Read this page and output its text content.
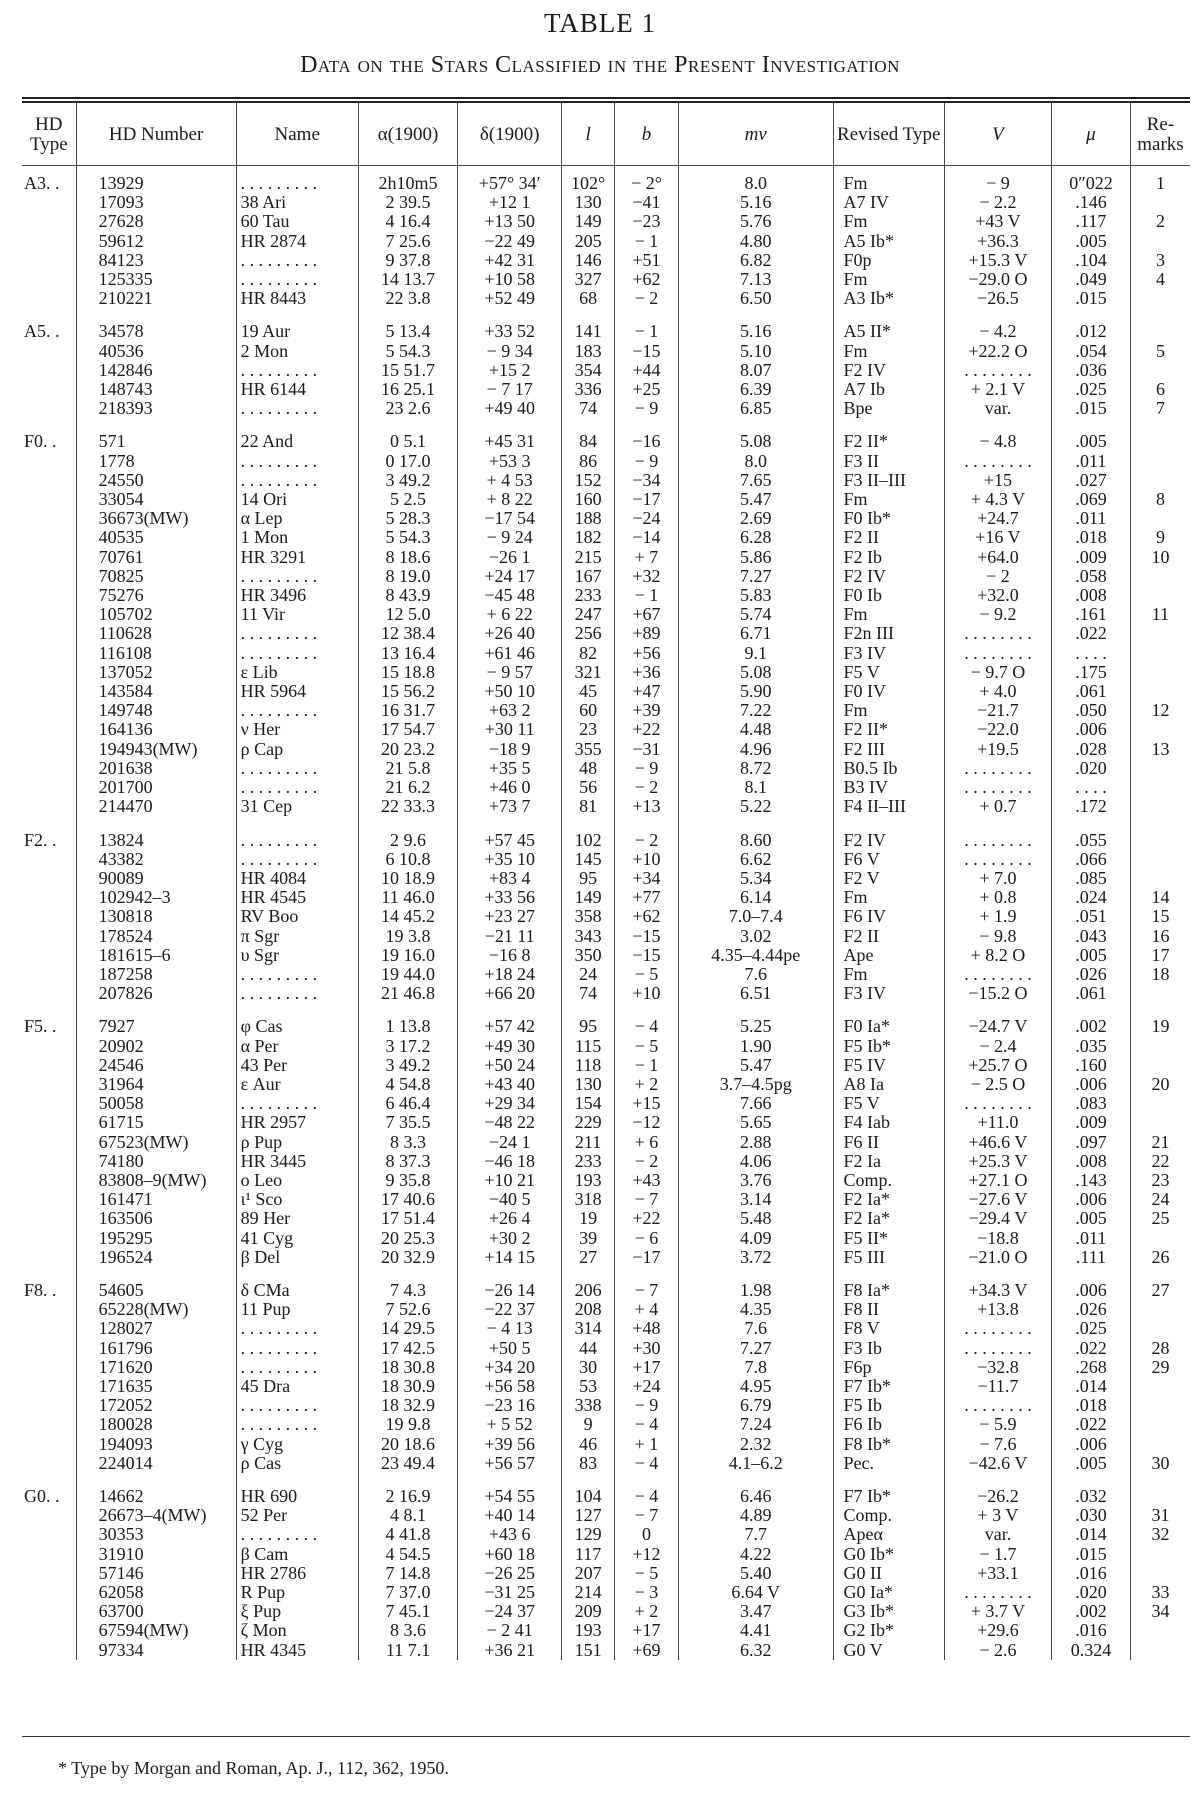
TABLE 1
Data on the Stars Classified in the Present Investigation
HD Type	HD Number	Name	α(1900)	δ(1900)	l	b	mv	Revised Type	V	μ	Re-marks
A3. .	13929	. . . . . . . . .	2h10m5	+57° 34′	102°	− 2°	8.0	Fm	− 9	0″022	1
	17093	38 Ari	2 39.5	+12 1	130	−41	5.16	A7 IV	− 2.2	.146	
	27628	60 Tau	4 16.4	+13 50	149	−23	5.76	Fm	+43 V	.117	2
	59612	HR 2874	7 25.6	−22 49	205	− 1	4.80	A5 Ib*	+36.3	.005	
	84123	. . . . . . . . .	9 37.8	+42 31	146	+51	6.82	F0p	+15.3 V	.104	3
	125335	. . . . . . . . .	14 13.7	+10 58	327	+62	7.13	Fm	−29.0 O	.049	4
	210221	HR 8443	22 3.8	+52 49	68	− 2	6.50	A3 Ib*	−26.5	.015	

A5. .	34578	19 Aur	5 13.4	+33 52	141	− 1	5.16	A5 II*	− 4.2	.012	
	40536	2 Mon	5 54.3	− 9 34	183	−15	5.10	Fm	+22.2 O	.054	5
	142846	. . . . . . . . .	15 51.7	+15 2	354	+44	8.07	F2 IV	. . . . . . . .	.036	
	148743	HR 6144	16 25.1	− 7 17	336	+25	6.39	A7 Ib	+ 2.1 V	.025	6
	218393	. . . . . . . . .	23 2.6	+49 40	74	− 9	6.85	Bpe	var.	.015	7

F0. .	571	22 And	0 5.1	+45 31	84	−16	5.08	F2 II*	− 4.8	.005	
	1778	. . . . . . . . .	0 17.0	+53 3	86	− 9	8.0	F3 II	. . . . . . . .	.011	
	24550	. . . . . . . . .	3 49.2	+ 4 53	152	−34	7.65	F3 II–III	+15	.027	
	33054	14 Ori	5 2.5	+ 8 22	160	−17	5.47	Fm	+ 4.3 V	.069	8
	36673(MW)	α Lep	5 28.3	−17 54	188	−24	2.69	F0 Ib*	+24.7	.011	
	40535	1 Mon	5 54.3	− 9 24	182	−14	6.28	F2 II	+16 V	.018	9
	70761	HR 3291	8 18.6	−26 1	215	+ 7	5.86	F2 Ib	+64.0	.009	10
	70825	. . . . . . . . .	8 19.0	+24 17	167	+32	7.27	F2 IV	− 2	.058	
	75276	HR 3496	8 43.9	−45 48	233	− 1	5.83	F0 Ib	+32.0	.008	
	105702	11 Vir	12 5.0	+ 6 22	247	+67	5.74	Fm	− 9.2	.161	11
	110628	. . . . . . . . .	12 38.4	+26 40	256	+89	6.71	F2n III	. . . . . . . .	.022	
	116108	. . . . . . . . .	13 16.4	+61 46	82	+56	9.1	F3 IV	. . . . . . . .	. . . .	
	137052	ε Lib	15 18.8	− 9 57	321	+36	5.08	F5 V	− 9.7 O	.175	
	143584	HR 5964	15 56.2	+50 10	45	+47	5.90	F0 IV	+ 4.0	.061	
	149748	. . . . . . . . .	16 31.7	+63 2	60	+39	7.22	Fm	−21.7	.050	12
	164136	ν Her	17 54.7	+30 11	23	+22	4.48	F2 II*	−22.0	.006	
	194943(MW)	ρ Cap	20 23.2	−18 9	355	−31	4.96	F2 III	+19.5	.028	13
	201638	. . . . . . . . .	21 5.8	+35 5	48	− 9	8.72	B0.5 Ib	. . . . . . . .	.020	
	201700	. . . . . . . . .	21 6.2	+46 0	56	− 2	8.1	B3 IV	. . . . . . . .	. . . .	
	214470	31 Cep	22 33.3	+73 7	81	+13	5.22	F4 II–III	+ 0.7	.172	

F2. .	13824	. . . . . . . . .	2 9.6	+57 45	102	− 2	8.60	F2 IV	. . . . . . . .	.055	
	43382	. . . . . . . . .	6 10.8	+35 10	145	+10	6.62	F6 V	. . . . . . . .	.066	
	90089	HR 4084	10 18.9	+83 4	95	+34	5.34	F2 V	+ 7.0	.085	
	102942–3	HR 4545	11 46.0	+33 56	149	+77	6.14	Fm	+ 0.8	.024	14
	130818	RV Boo	14 45.2	+23 27	358	+62	7.0–7.4	F6 IV	+ 1.9	.051	15
	178524	π Sgr	19 3.8	−21 11	343	−15	3.02	F2 II	− 9.8	.043	16
	181615–6	υ Sgr	19 16.0	−16 8	350	−15	4.35–4.44pe	Ape	+ 8.2 O	.005	17
	187258	. . . . . . . . .	19 44.0	+18 24	24	− 5	7.6	Fm	. . . . . . . .	.026	18
	207826	. . . . . . . . .	21 46.8	+66 20	74	+10	6.51	F3 IV	−15.2 O	.061	

F5. .	7927	φ Cas	1 13.8	+57 42	95	− 4	5.25	F0 Ia*	−24.7 V	.002	19
	20902	α Per	3 17.2	+49 30	115	− 5	1.90	F5 Ib*	− 2.4	.035	
	24546	43 Per	3 49.2	+50 24	118	− 1	5.47	F5 IV	+25.7 O	.160	
	31964	ε Aur	4 54.8	+43 40	130	+ 2	3.7–4.5pg	A8 Ia	− 2.5 O	.006	20
	50058	. . . . . . . . .	6 46.4	+29 34	154	+15	7.66	F5 V	. . . . . . . .	.083	
	61715	HR 2957	7 35.5	−48 22	229	−12	5.65	F4 Iab	+11.0	.009	
	67523(MW)	ρ Pup	8 3.3	−24 1	211	+ 6	2.88	F6 II	+46.6 V	.097	21
	74180	HR 3445	8 37.3	−46 18	233	− 2	4.06	F2 Ia	+25.3 V	.008	22
	83808–9(MW)	ο Leo	9 35.8	+10 21	193	+43	3.76	Comp.	+27.1 O	.143	23
	161471	ι¹ Sco	17 40.6	−40 5	318	− 7	3.14	F2 Ia*	−27.6 V	.006	24
	163506	89 Her	17 51.4	+26 4	19	+22	5.48	F2 Ia*	−29.4 V	.005	25
	195295	41 Cyg	20 25.3	+30 2	39	− 6	4.09	F5 II*	−18.8	.011	
	196524	β Del	20 32.9	+14 15	27	−17	3.72	F5 III	−21.0 O	.111	26

F8. .	54605	δ CMa	7 4.3	−26 14	206	− 7	1.98	F8 Ia*	+34.3 V	.006	27
	65228(MW)	11 Pup	7 52.6	−22 37	208	+ 4	4.35	F8 II	+13.8	.026	
	128027	. . . . . . . . .	14 29.5	− 4 13	314	+48	7.6	F8 V	. . . . . . . .	.025	
	161796	. . . . . . . . .	17 42.5	+50 5	44	+30	7.27	F3 Ib	. . . . . . . .	.022	28
	171620	. . . . . . . . .	18 30.8	+34 20	30	+17	7.8	F6p	−32.8	.268	29
	171635	45 Dra	18 30.9	+56 58	53	+24	4.95	F7 Ib*	−11.7	.014	
	172052	. . . . . . . . .	18 32.9	−23 16	338	− 9	6.79	F5 Ib	. . . . . . . .	.018	
	180028	. . . . . . . . .	19 9.8	+ 5 52	9	− 4	7.24	F6 Ib	− 5.9	.022	
	194093	γ Cyg	20 18.6	+39 56	46	+ 1	2.32	F8 Ib*	− 7.6	.006	
	224014	ρ Cas	23 49.4	+56 57	83	− 4	4.1–6.2	Pec.	−42.6 V	.005	30

G0. .	14662	HR 690	2 16.9	+54 55	104	− 4	6.46	F7 Ib*	−26.2	.032	
	26673–4(MW)	52 Per	4 8.1	+40 14	127	− 7	4.89	Comp.	+ 3 V	.030	31
	30353	. . . . . . . . .	4 41.8	+43 6	129	0	7.7	Apeα	var.	.014	32
	31910	β Cam	4 54.5	+60 18	117	+12	4.22	G0 Ib*	− 1.7	.015	
	57146	HR 2786	7 14.8	−26 25	207	− 5	5.40	G0 II	+33.1	.016	
	62058	R Pup	7 37.0	−31 25	214	− 3	6.64 V	G0 Ia*	. . . . . . . .	.020	33
	63700	ξ Pup	7 45.1	−24 37	209	+ 2	3.47	G3 Ib*	+ 3.7 V	.002	34
	67594(MW)	ζ Mon	8 3.6	− 2 41	193	+17	4.41	G2 Ib*	+29.6	.016	
	97334	HR 4345	11 7.1	+36 21	151	+69	6.32	G0 V	− 2.6	0.324	
* Type by Morgan and Roman, Ap. J., 112, 362, 1950.
